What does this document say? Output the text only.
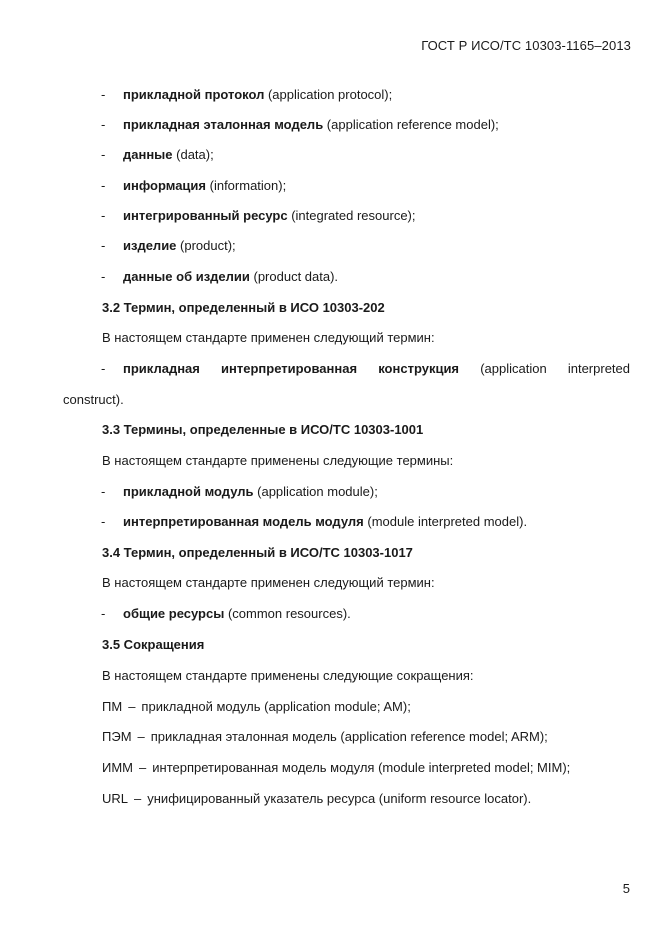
ГОСТ Р ИСО/ТС 10303-1165–2013
- прикладной протокол (application protocol);
- прикладная эталонная модель (application reference model);
- данные (data);
- информация (information);
- интегрированный ресурс (integrated resource);
- изделие (product);
- данные об изделии (product data).
3.2 Термин, определенный в ИСО 10303-202
В настоящем стандарте применен следующий термин:
- прикладная интерпретированная конструкция (application interpreted
construct).
3.3 Термины, определенные в ИСО/ТС 10303-1001
В настоящем стандарте применены следующие термины:
- прикладной модуль (application module);
- интерпретированная модель модуля (module interpreted model).
3.4 Термин, определенный в ИСО/ТС 10303-1017
В настоящем стандарте применен следующий термин:
- общие ресурсы (common resources).
3.5 Сокращения
В настоящем стандарте применены следующие сокращения:
ПМ – прикладной модуль (application module; AM);
ПЭМ – прикладная эталонная модель (application reference model; ARM);
ИММ – интерпретированная модель модуля (module interpreted model; MIM);
URL – унифицированный указатель ресурса (uniform resource locator).
5
